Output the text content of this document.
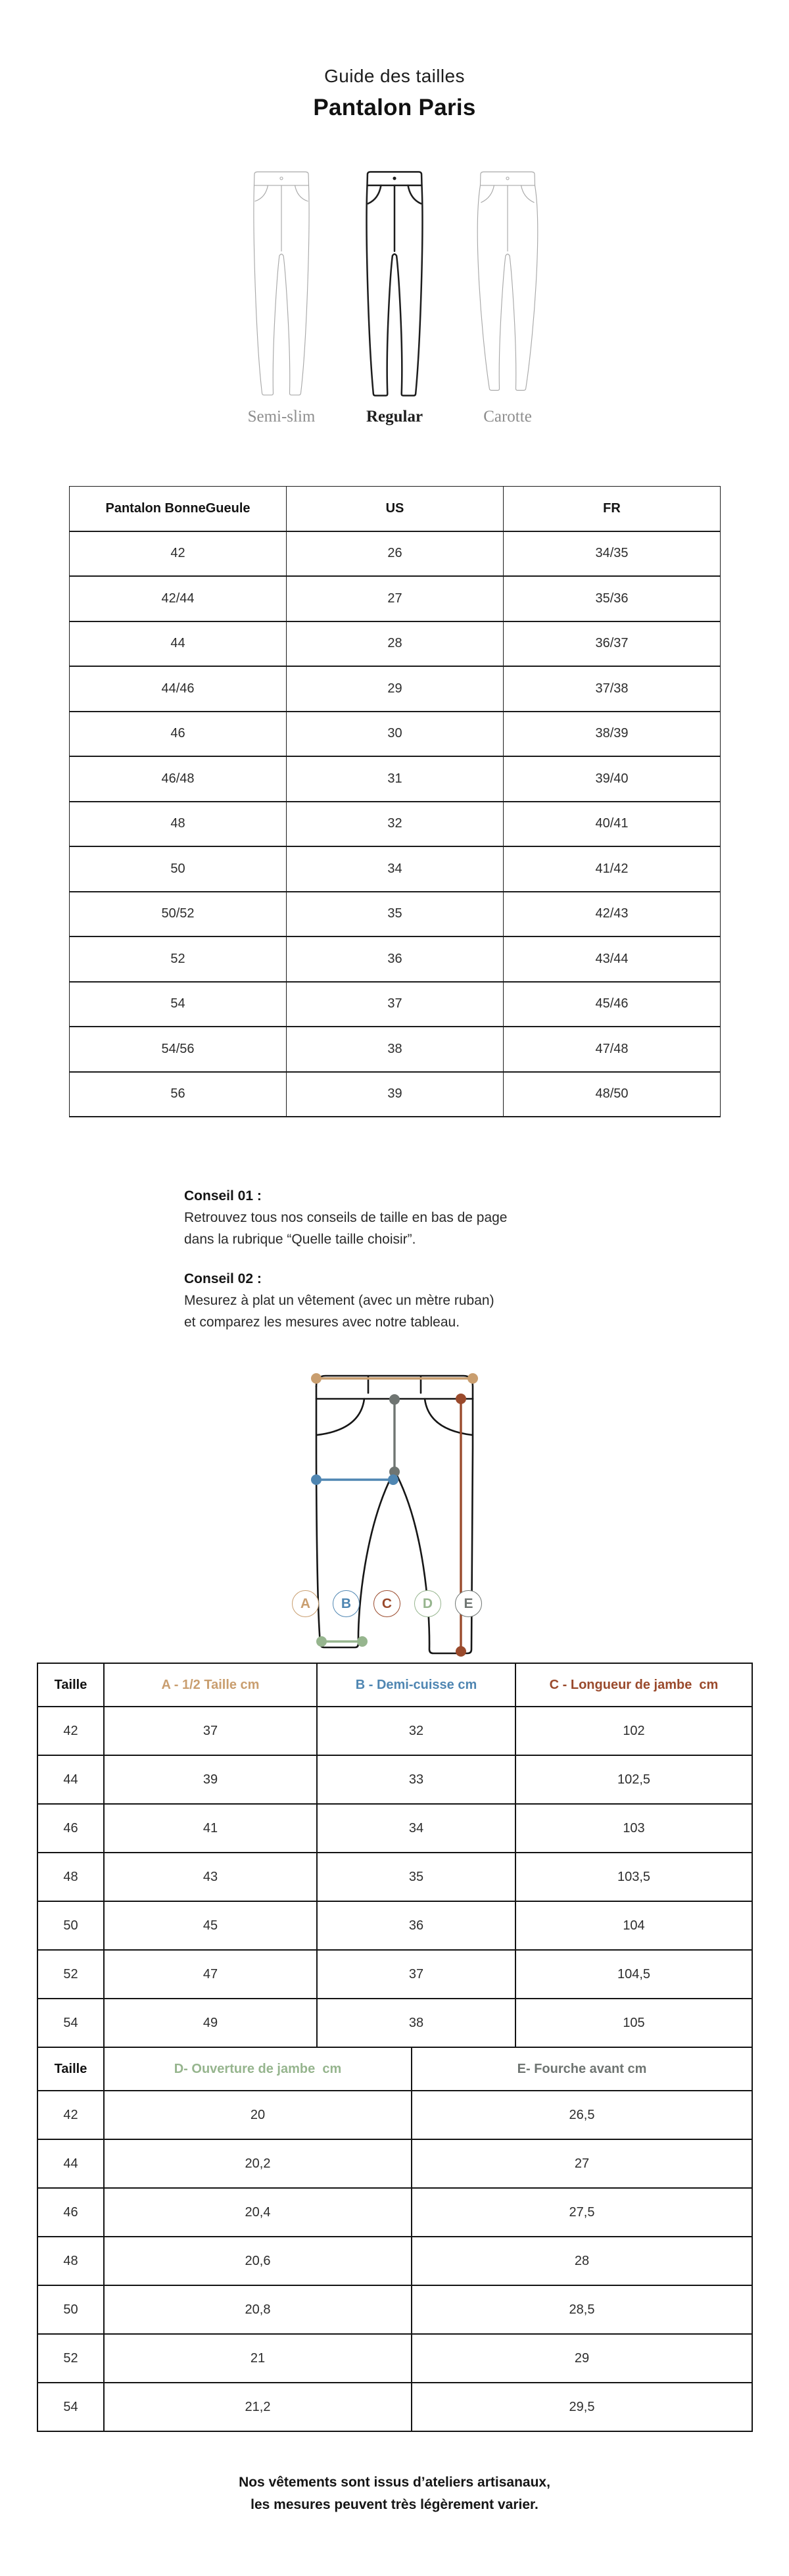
Guide des tailles
Pantalon Paris
Semi-slim	Regular	Carotte
Pantalon BonneGueule	US	FR
42	26	34/35
42/44	27	35/36
44	28	36/37
44/46	29	37/38
46	30	38/39
46/48	31	39/40
48	32	40/41
50	34	41/42
50/52	35	42/43
52	36	43/44
54	37	45/46
54/56	38	47/48
56	39	48/50
Conseil 01 :
Retrouvez tous nos conseils de taille en bas de page
dans la rubrique “Quelle taille choisir”.
Conseil 02 :
Mesurez à plat un vêtement (avec un mètre ruban)
et comparez les mesures avec notre tableau.
A	B	C	D	E
Taille	A - 1/2 Taille cm	B - Demi-cuisse cm	C - Longueur de jambe  cm
42	37	32	102
44	39	33	102,5
46	41	34	103
48	43	35	103,5
50	45	36	104
52	47	37	104,5
54	49	38	105
Taille	D- Ouverture de jambe  cm	E- Fourche avant cm
42	20	26,5
44	20,2	27
46	20,4	27,5
48	20,6	28
50	20,8	28,5
52	21	29
54	21,2	29,5
Nos vêtements sont issus d’ateliers artisanaux,
les mesures peuvent très légèrement varier.
